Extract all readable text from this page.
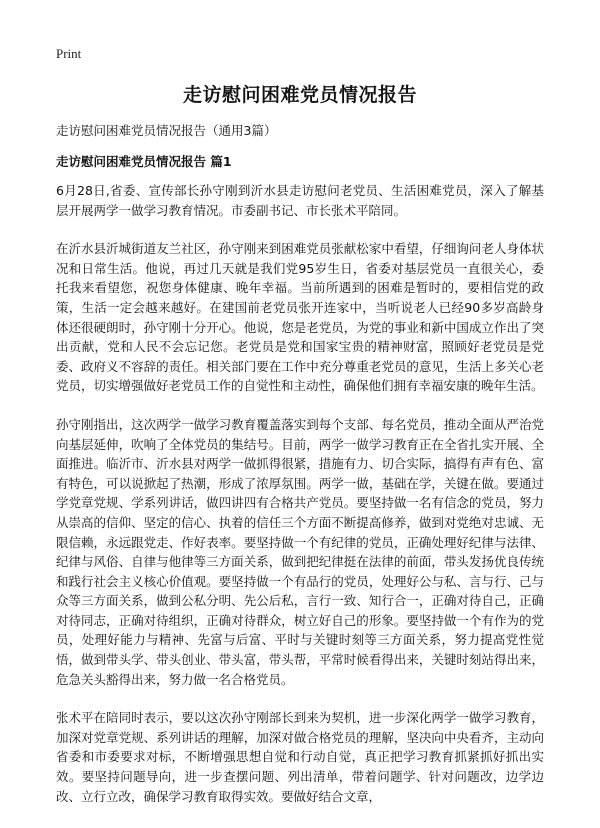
Print
走访慰问困难党员情况报告

走访慰问困难党员情况报告（通用3篇）

走访慰问困难党员情况报告 篇1

6月28日,省委、宣传部长孙守刚到沂水县走访慰问老党员、生活困难党员，深入了解基层开展两学一做学习教育情况。市委副书记、市长张术平陪同。

在沂水县沂城街道友兰社区，孙守刚来到困难党员张献松家中看望，仔细询问老人身体状况和日常生活。他说，再过几天就是我们党95岁生日，省委对基层党员一直很关心，委托我来看望您，祝您身体健康、晚年幸福。当前所遇到的困难是暂时的，要相信党的政策，生活一定会越来越好。在建国前老党员张开连家中，当听说老人已经90多岁高龄身体还很硬朗时，孙守刚十分开心。他说，您是老党员，为党的事业和新中国成立作出了突出贡献，党和人民不会忘记您。老党员是党和国家宝贵的精神财富，照顾好老党员是党委、政府义不容辞的责任。相关部门要在工作中充分尊重老党员的意见，生活上多关心老党员，切实增强做好老党员工作的自觉性和主动性，确保他们拥有幸福安康的晚年生活。

孙守刚指出，这次两学一做学习教育覆盖落实到每个支部、每名党员，推动全面从严治党向基层延伸，吹响了全体党员的集结号。目前，两学一做学习教育正在全省扎实开展、全面推进。临沂市、沂水县对两学一做抓得很紧，措施有力、切合实际，搞得有声有色、富有特色，可以说掀起了热潮，形成了浓厚氛围。两学一做，基础在学，关键在做。要通过学党章党规、学系列讲话，做四讲四有合格共产党员。要坚持做一名有信念的党员，努力从崇高的信仰、坚定的信心、执着的信任三个方面不断提高修养，做到对党绝对忠诚、无限信赖，永远跟党走、作好表率。要坚持做一个有纪律的党员，正确处理好纪律与法律、纪律与风俗、自律与他律等三方面关系，做到把纪律挺在法律的前面，带头发扬优良传统和践行社会主义核心价值观。要坚持做一个有品行的党员，处理好公与私、言与行、己与众等三方面关系，做到公私分明、先公后私，言行一致、知行合一，正确对待自己，正确对待同志，正确对待组织，正确对待群众，树立好自己的形象。要坚持做一个有作为的党员，处理好能力与精神、先富与后富、平时与关键时刻等三方面关系，努力提高党性觉悟，做到带头学、带头创业、带头富，带头帮，平常时候看得出来，关键时刻站得出来，危急关头豁得出来，努力做一名合格党员。

张术平在陪同时表示，要以这次孙守刚部长到来为契机，进一步深化两学一做学习教育，加深对党章党规、系列讲话的理解，加深对做合格党员的理解，坚决向中央看齐，主动向省委和市委要求对标，不断增强思想自觉和行动自觉，真正把学习教育抓紧抓好抓出实效。要坚持问题导向，进一步查摆问题、列出清单，带着问题学、针对问题改，边学边改、立行立改，确保学习教育取得实效。要做好结合文章，
